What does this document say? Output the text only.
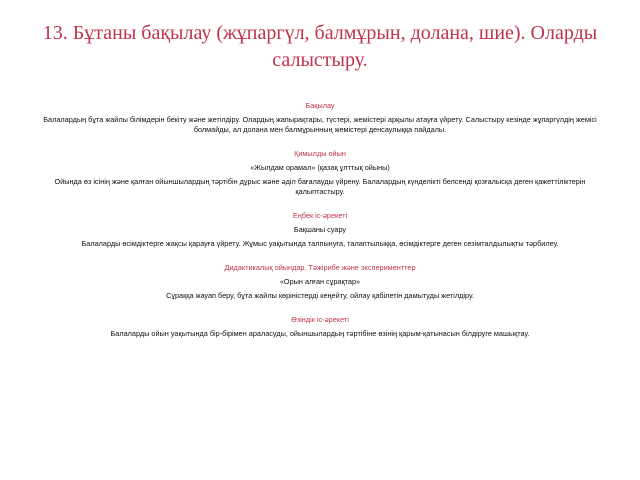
13. Бұтаны бақылау (жұпаргүл, балмұрын, долана, шие). Оларды салыстыру.
Бақылау

Балалардың бұта жайлы білімдерін бекіту және жетілдіру. Олардың жапырақтары, түстері, жемістері арқылы атауға үйрету. Салыстыру кезінде жұпаргүлдің жемісі болмайды, ал долана мен балмұрынның жемістері денсаулыққа пайдалы.

Қимылды ойын
«Жылдам орамал» (қазақ ұлттық ойыны)

Ойында өз ісінің және қалған ойыншылардың тәртібін дұрыс және әділ бағалауды үйрену. Балалардың күнделікті белсенді қозғалысқа деген қажеттіліктерін қалыптастыру.

Еңбек іс-әрекеті
Бақшаны суару

Балаларды өсімдіктерге жақсы қарауға үйрету. Жұмыс уақытында талпынуға, талаптылыққа, өсімдіктерге деген сезімталдылықты тәрбилеу.

Дидактикалық ойындар. Тәжірибе және эксперименттер
«Орын алған сұрақтар»

Сұраққа жауап беру, бұта жайлы көріністерді кеңейту, ойлау қабілетін дамытуды жетілдіру.

Өзіндік іс-әрекеті

Балаларды ойын уақытында бір-бірімен араласуды, ойыншылардың тәртібіне өзінің қарым-қатынасын білдіруге машықтау.
